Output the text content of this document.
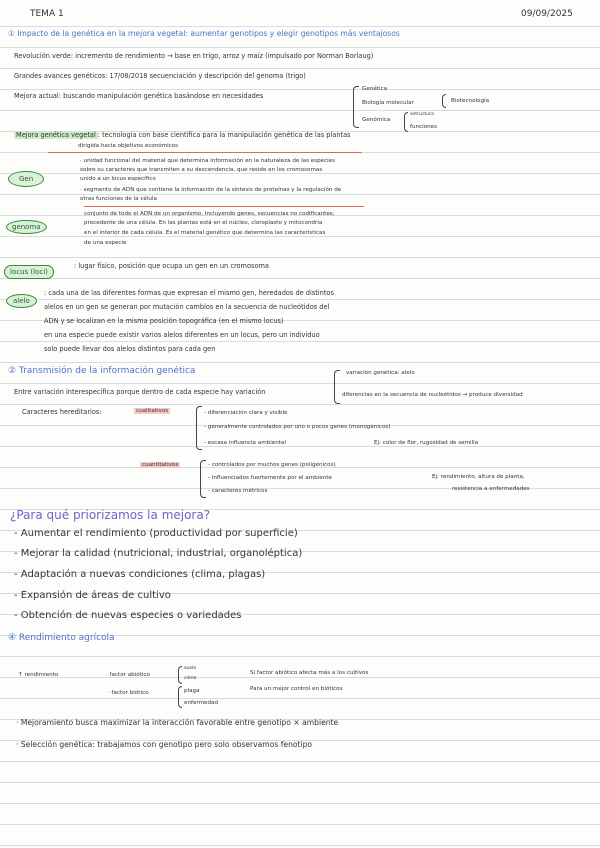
TEMA 1	09/09/2025
① Impacto de la genética en la mejora vegetal: aumentar genotipos y elegir genotipos más ventajosos
Revolución verde: incremento de rendimiento → base en trigo, arroz y maíz (impulsado por Norman Borlaug)
Grandes avances genéticos: 17/08/2018 secuenciación y descripción del genoma (trigo)
Mejora actual: buscando manipulación genética basándose en necesidades
Genética
Biología molecular	Biotecnología
Genómica
estructura
funciones
Mejora genética vegetal : tecnología con base científica para la manipulación genética de las plantas
dirigida hacia objetivos económicos
Gen
· unidad funcional del material que determina información en la naturaleza de las especies
sobre su caracteres que transmiten a su descendencia, que reside en los cromosomas
unido a un locus específico
· segmento de ADN que contiene la información de la síntesis de proteínas y la regulación de
otras funciones de la célula
genoma
conjunto de todo el ADN de un organismo, incluyendo genes, secuencias no codificantes,
procedente de una célula. En las plantas está en el núcleo, cloroplasto y mitocondria
en el interior de cada célula. Es el material genético que determina las características
de una especie
locus (loci)
: lugar físico, posición que ocupa un gen en un cromosoma
alelo
: cada una de las diferentes formas que expresan el mismo gen, heredados de distintos
alelos en un gen se generan por mutación cambios en la secuencia de nucleótidos del
ADN y se localizan en la misma posición topográfica (en el mismo locus)
en una especie puede existir varios alelos diferentes en un locus, pero un individuo
solo puede llevar dos alelos distintos para cada gen
② Transmisión de la información genética
Entre variación interespecífica porque dentro de cada especie hay variación
variación genética: alelo
diferencias en la secuencia de nucleótidos → produce diversidad
Caracteres hereditarios:	cualitativos	- diferenciación clara y visible
- generalmente controlados por uno o pocos genes (monogénicos)
- escasa influencia ambiental	Ej: color de flor, rugosidad de semilla
cuantitativos	- controlados por muchos genes (poligénicos)
- influenciados fuertemente por el ambiente
- caracteres métricos
Ej: rendimiento, altura de planta,
resistencia a enfermedades
¿Para qué priorizamos la mejora?
- Aumentar el rendimiento (productividad por superficie)
- Mejorar la calidad (nutricional, industrial, organoléptica)
- Adaptación a nuevas condiciones (clima, plagas)
- Expansión de áreas de cultivo
- Obtención de nuevas especies o variedades
④ Rendimiento agrícola
↑ rendimiento	· factor abiótico
suelo
clima
· factor biótico	plaga
enfermedad
Si factor abiótico afecta más a los cultivos
Para un mejor control en bióticos
· Mejoramiento busca maximizar la interacción favorable entre genotipo × ambiente
· Selección genética: trabajamos con genotipo pero solo observamos fenotipo
